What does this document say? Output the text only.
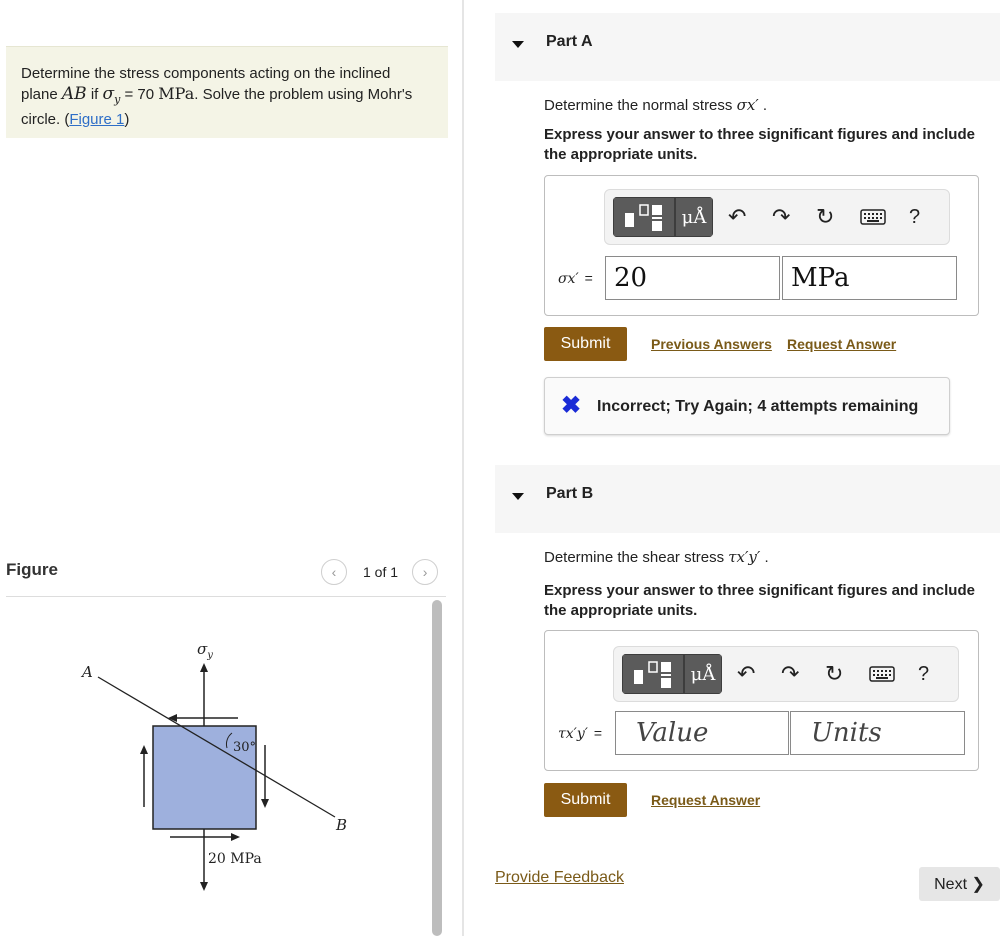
Determine the stress components acting on the inclined plane AB if $\sigma_y = 70$ MPa. Solve the problem using Mohr's circle. (Figure 1)
Figure	‹ 1 of 1 ›
$\sigma_y$
A
B
30°
20 MPa
Part A
Determine the normal stress σx′ .
Express your answer to three significant figures and include the appropriate units.
μÅ ↶ ↷ ↻	?
σx′ = 20	MPa
Submit	Previous Answers Request Answer
✖ Incorrect; Try Again; 4 attempts remaining
Part B
Determine the shear stress τx′y′ .
Express your answer to three significant figures and include the appropriate units.
μÅ ↶ ↷ ↻	?
τx′y′ =	Value	Units
Submit	Request Answer
Provide Feedback	Next ❯
